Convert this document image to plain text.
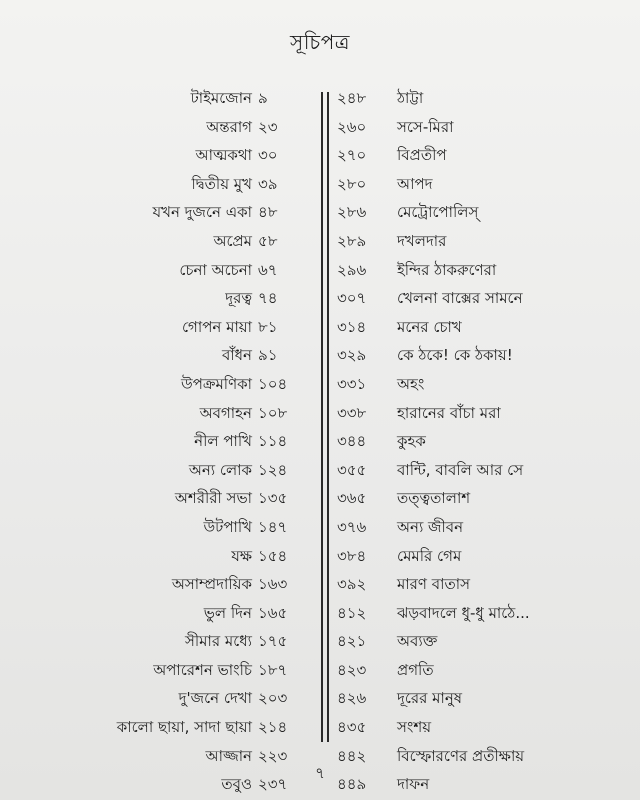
সূচিপত্র
টাইমজোন ৯	২৪৮ ঠাট্টা
অন্তরাগ ২৩	২৬০ সসে-মিরা
আত্মকথা ৩০	২৭০ বিপ্রতীপ
দ্বিতীয় মুখ ৩৯	২৮০ আপদ
যখন দুজনে একা ৪৮	২৮৬ মেট্রোপোলিস্
অপ্রেম ৫৮	২৮৯ দখলদার
চেনা অচেনা ৬৭	২৯৬ ইন্দির ঠাকরুণেরা
দূরত্ব ৭৪	৩০৭ খেলনা বাক্সের সামনে
গোপন মায়া ৮১	৩১৪ মনের চোখ
বাঁধন ৯১	৩২৯ কে ঠকে! কে ঠকায়!
উপক্রমণিকা ১০৪	৩৩১ অহং
অবগাহন ১০৮	৩৩৮ হারানের বাঁচা মরা
নীল পাখি ১১৪	৩৪৪ কুহক
অন্য লোক ১২৪	৩৫৫ বান্টি, বাবলি আর সে
অশরীরী সভা ১৩৫	৩৬৫ তত্ত্বতালাশ
উটপাখি ১৪৭	৩৭৬ অন্য জীবন
যক্ষ ১৫৪	৩৮৪ মেমরি গেম
অসাম্প্রদায়িক ১৬৩	৩৯২ মারণ বাতাস
ভুল দিন ১৬৫	৪১২ ঝড়বাদলে ধু-ধু মাঠে...
সীমার মধ্যে ১৭৫	৪২১ অব্যক্ত
অপারেশন ভাংচি ১৮৭	৪২৩ প্রগতি
দু'জনে দেখা ২০৩	৪২৬ দূরের মানুষ
কালো ছায়া, সাদা ছায়া ২১৪	৪৩৫ সংশয়
আজ্জান ২২৩	৪৪২ বিস্ফোরণের প্রতীক্ষায়
তবুও ২৩৭	৪৪৯ দাফন
৭
